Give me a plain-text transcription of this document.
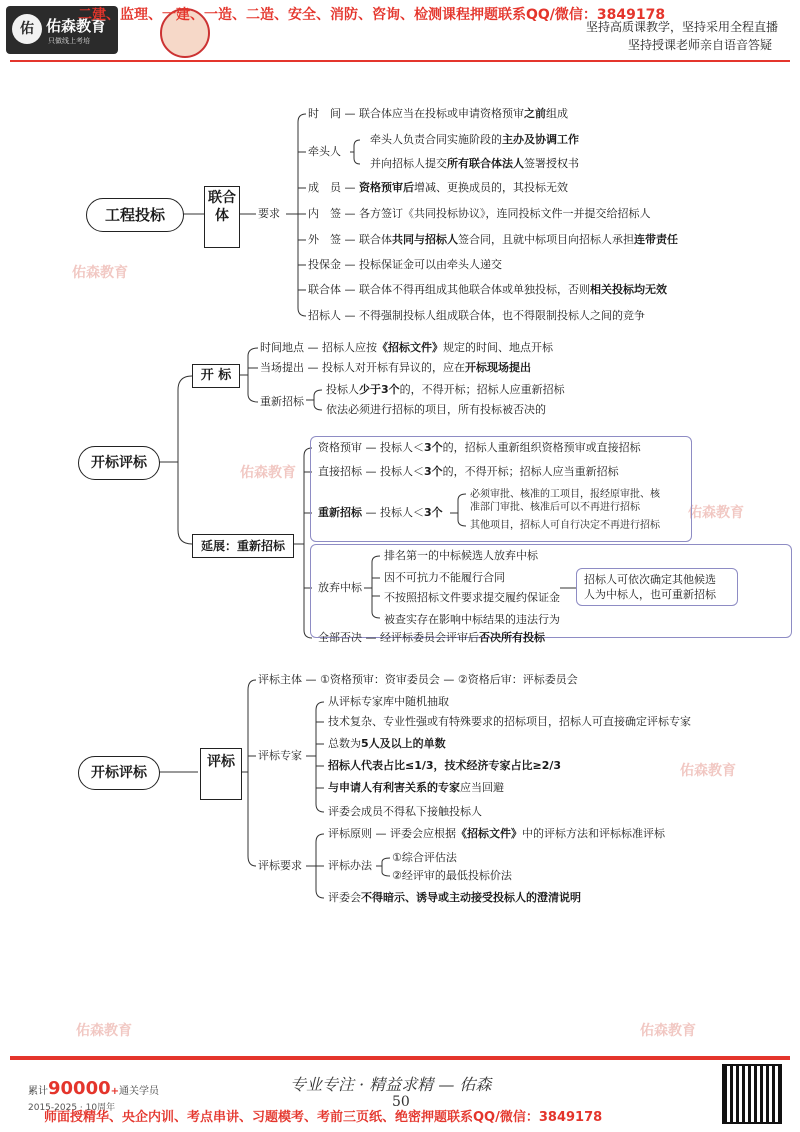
佑 佑森教育
只做线上考培
二建、监理、一建、一造、二造、安全、消防、咨询、检测课程押题联系QQ/微信：3849178
坚持高质课教学，坚持采用全程直播
坚持授课老师亲自语音答疑
佑森教育
佑森教育
佑森教育
佑森教育
佑森教育	佑森教育
工程投标
联合体	要求
时　间 — 联合体应当在投标或申请资格预审之前组成
牵头人
牵头人负责合同实施阶段的主办及协调工作
并向招标人提交所有联合体法人签署授权书
成　员 — 资格预审后增减、更换成员的，其投标无效
内　签 — 各方签订《共同投标协议》，连同投标文件一并提交给招标人
外　签 — 联合体共同与招标人签合同，且就中标项目向招标人承担连带责任
投保金 — 投标保证金可以由牵头人递交
联合体 — 联合体不得再组成其他联合体或单独投标，否则相关投标均无效
招标人 — 不得强制投标人组成联合体，也不得限制投标人之间的竞争
开标评标
开 标
时间地点 — 招标人应按《招标文件》规定的时间、地点开标
当场提出 — 投标人对开标有异议的，应在开标现场提出
重新招标
投标人少于3个的，不得开标；招标人应重新招标
依法必须进行招标的项目，所有投标被否决的
延展：重新招标
资格预审 — 投标人＜3个的，招标人重新组织资格预审或直接招标
直接招标 — 投标人＜3个的，不得开标；招标人应当重新招标
重新招标 — 投标人＜3个
必须审批、核准的工项目，报经原审批、核
准部门审批、核准后可以不再进行招标
其他项目，招标人可自行决定不再进行招标
放弃中标
排名第一的中标候选人放弃中标
因不可抗力不能履行合同
不按照招标文件要求提交履约保证金
被查实存在影响中标结果的违法行为
招标人可依次确定其他候选
人为中标人，也可重新招标
全部否决 — 经评标委员会评审后否决所有投标
开标评标
评标
评标主体 — ①资格预审：资审委员会 — ②资格后审：评标委员会
评标专家
从评标专家库中随机抽取
技术复杂、专业性强或有特殊要求的招标项目，招标人可直接确定评标专家
总数为5人及以上的单数
招标人代表占比≤1/3，技术经济专家占比≥2/3
与申请人有利害关系的专家应当回避
评委会成员不得私下接触投标人
评标要求
评标原则 — 评委会应根据《招标文件》中的评标方法和评标标准评标
评标办法
①综合评估法
②经评审的最低投标价法
评委会不得暗示、诱导或主动接受投标人的澄清说明
累计90000+通关学员
2015-2025 · 10周年
专业专注 · 精益求精 — 佑森
50
师面授精华、央企内训、考点串讲、习题模考、考前三页纸、绝密押题联系QQ/微信：3849178
